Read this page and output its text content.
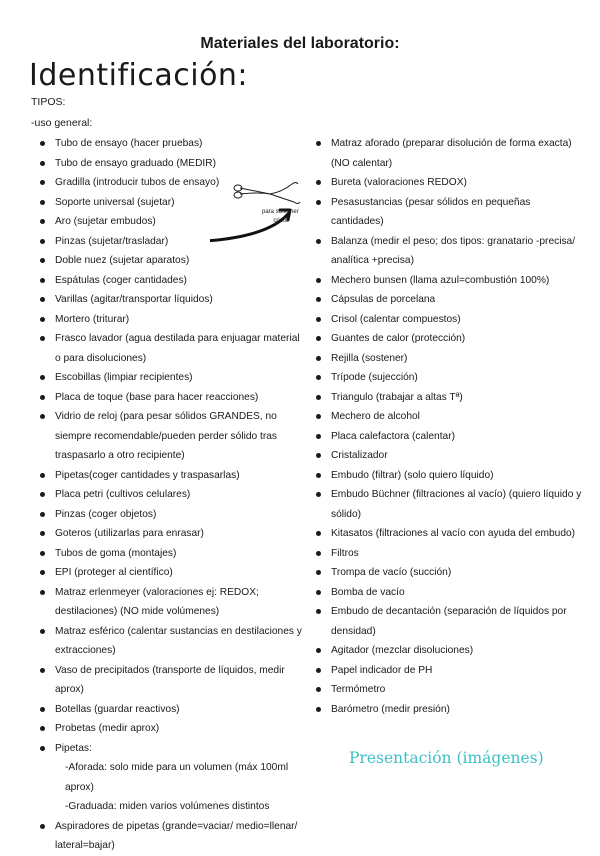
Materiales del laboratorio:
Identificación:
TIPOS:
-uso general:
Tubo de ensayo (hacer pruebas)
Tubo de ensayo graduado (MEDIR)
Gradilla (introducir tubos de ensayo)
Soporte universal (sujetar)
Aro (sujetar embudos)
Pinzas (sujetar/trasladar)
Doble nuez (sujetar aparatos)
Espátulas (coger cantidades)
Varillas (agitar/transportar líquidos)
Mortero (triturar)
Frasco lavador (agua destilada para enjuagar material o para disoluciones)
Escobillas (limpiar recipientes)
Placa de toque (base para hacer reacciones)
Vidrio de reloj (para pesar sólidos GRANDES, no siempre recomendable/pueden perder sólido tras traspasarlo a otro recipiente)
Pipetas(coger cantidades y traspasarlas)
Placa petri (cultivos celulares)
Pinzas (coger objetos)
Goteros (utilizarlas para enrasar)
Tubos de goma (montajes)
EPI (proteger al científico)
Matraz erlenmeyer (valoraciones ej: REDOX; destilaciones) (NO mide volúmenes)
Matraz esférico (calentar sustancias en destilaciones y extracciones)
Vaso de precipitados (transporte de líquidos, medir aprox)
Botellas (guardar reactivos)
Probetas (medir aprox)
Pipetas:
-Aforada: solo mide para un volumen (máx 100ml aprox)
-Graduada: miden varios volúmenes distintos
Aspiradores de pipetas (grande=vaciar/ medio=llenar/ lateral=bajar)
Matraz aforado (preparar disolución de forma exacta) (NO calentar)
Bureta (valoraciones REDOX)
Pesasustancias (pesar sólidos en pequeñas cantidades)
Balanza (medir el peso; dos tipos: granatario -precisa/ analítica +precisa)
Mechero bunsen (llama azul=combustión 100%)
Cápsulas de porcelana
Crisol (calentar compuestos)
Guantes de calor (protección)
Rejilla (sostener)
Trípode (sujección)
Triangulo (trabajar a altas Tª)
Mechero de alcohol
Placa calefactora (calentar)
Cristalizador
Embudo (filtrar) (solo quiero líquido)
Embudo Büchner (filtraciones al vacío) (quiero líquido y sólido)
Kitasatos (filtraciones al vacío con ayuda del embudo)
Filtros
Trompa de vacío (succión)
Bomba de vacío
Embudo de decantación (separación de líquidos por densidad)
Agitador (mezclar disoluciones)
Papel indicador de PH
Termómetro
Barómetro (medir presión)
para sostener
crisol
Presentación (imágenes)
